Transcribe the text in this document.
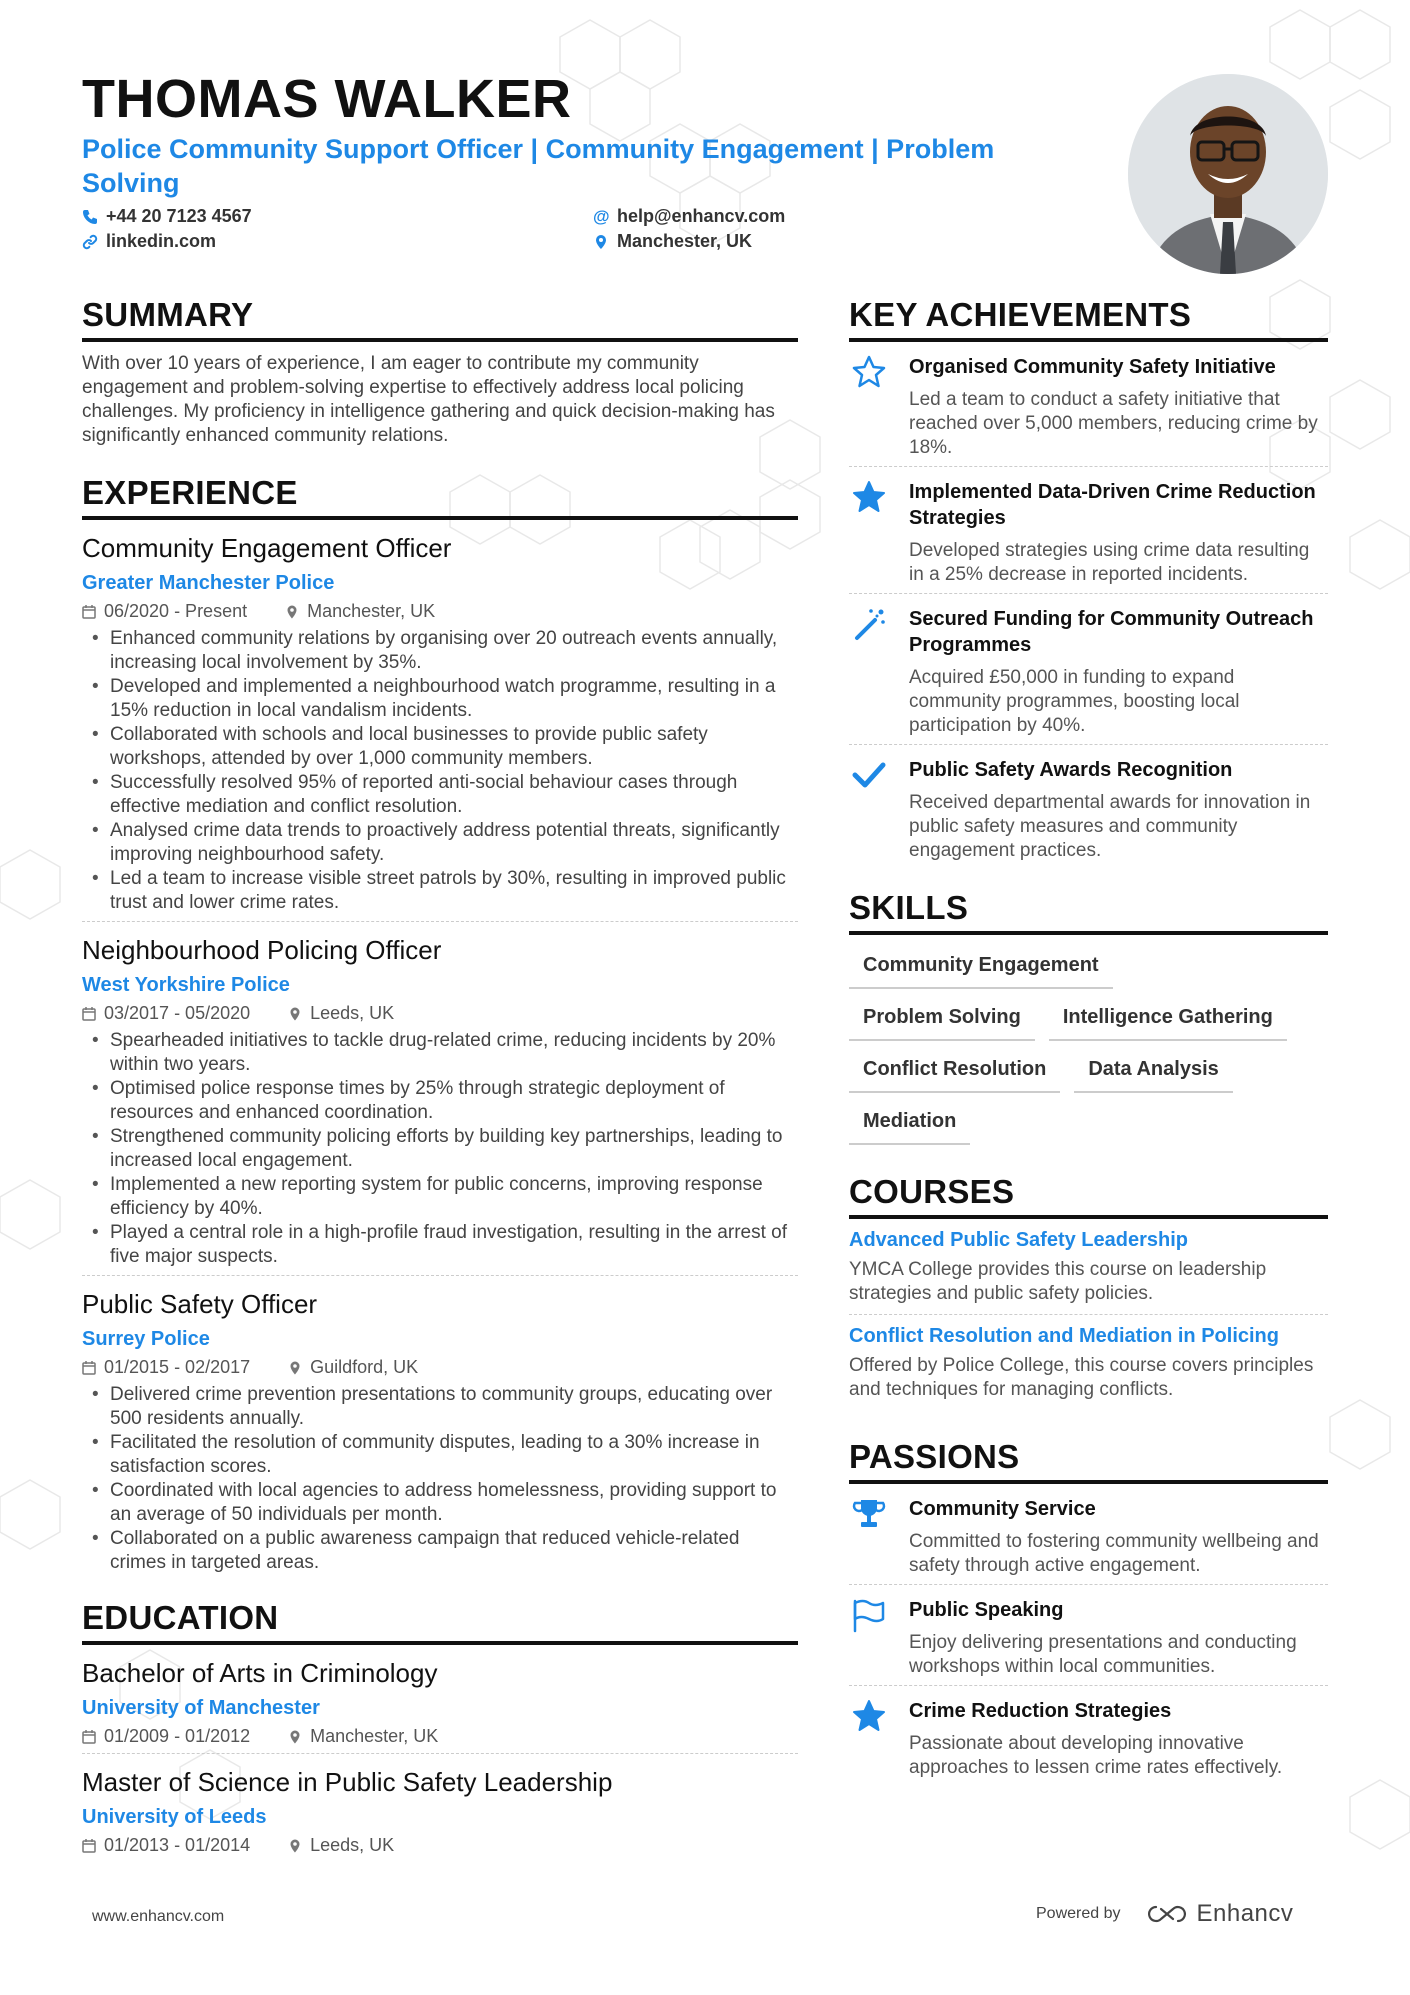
THOMAS WALKER
Police Community Support Officer | Community Engagement | Problem Solving
+44 20 7123 4567
linkedin.com
@ help@enhancv.com
Manchester, UK
SUMMARY
With over 10 years of experience, I am eager to contribute my community engagement and problem-solving expertise to effectively address local policing challenges. My proficiency in intelligence gathering and quick decision-making has significantly enhanced community relations.
EXPERIENCE
Community Engagement Officer
Greater Manchester Police
06/2020 - Present	Manchester, UK
• Enhanced community relations by organising over 20 outreach events annually, increasing local involvement by 35%.
• Developed and implemented a neighbourhood watch programme, resulting in a 15% reduction in local vandalism incidents.
• Collaborated with schools and local businesses to provide public safety workshops, attended by over 1,000 community members.
• Successfully resolved 95% of reported anti-social behaviour cases through effective mediation and conflict resolution.
• Analysed crime data trends to proactively address potential threats, significantly improving neighbourhood safety.
• Led a team to increase visible street patrols by 30%, resulting in improved public trust and lower crime rates.
Neighbourhood Policing Officer
West Yorkshire Police
03/2017 - 05/2020	Leeds, UK
• Spearheaded initiatives to tackle drug-related crime, reducing incidents by 20% within two years.
• Optimised police response times by 25% through strategic deployment of resources and enhanced coordination.
• Strengthened community policing efforts by building key partnerships, leading to increased local engagement.
• Implemented a new reporting system for public concerns, improving response efficiency by 40%.
• Played a central role in a high-profile fraud investigation, resulting in the arrest of five major suspects.
Public Safety Officer
Surrey Police
01/2015 - 02/2017	Guildford, UK
• Delivered crime prevention presentations to community groups, educating over 500 residents annually.
• Facilitated the resolution of community disputes, leading to a 30% increase in satisfaction scores.
• Coordinated with local agencies to address homelessness, providing support to an average of 50 individuals per month.
• Collaborated on a public awareness campaign that reduced vehicle-related crimes in targeted areas.
EDUCATION
Bachelor of Arts in Criminology
University of Manchester
01/2009 - 01/2012	Manchester, UK
Master of Science in Public Safety Leadership
University of Leeds
01/2013 - 01/2014	Leeds, UK
KEY ACHIEVEMENTS
Organised Community Safety Initiative
Led a team to conduct a safety initiative that reached over 5,000 members, reducing crime by 18%.
Implemented Data-Driven Crime Reduction Strategies
Developed strategies using crime data resulting in a 25% decrease in reported incidents.
Secured Funding for Community Outreach Programmes
Acquired £50,000 in funding to expand community programmes, boosting local participation by 40%.
Public Safety Awards Recognition
Received departmental awards for innovation in public safety measures and community engagement practices.
SKILLS
Community Engagement
Problem Solving	Intelligence Gathering
Conflict Resolution	Data Analysis
Mediation
COURSES
Advanced Public Safety Leadership
YMCA College provides this course on leadership strategies and public safety policies.
Conflict Resolution and Mediation in Policing
Offered by Police College, this course covers principles and techniques for managing conflicts.
PASSIONS
Community Service
Committed to fostering community wellbeing and safety through active engagement.
Public Speaking
Enjoy delivering presentations and conducting workshops within local communities.
Crime Reduction Strategies
Passionate about developing innovative approaches to lessen crime rates effectively.
www.enhancv.com	Powered by	Enhancv
